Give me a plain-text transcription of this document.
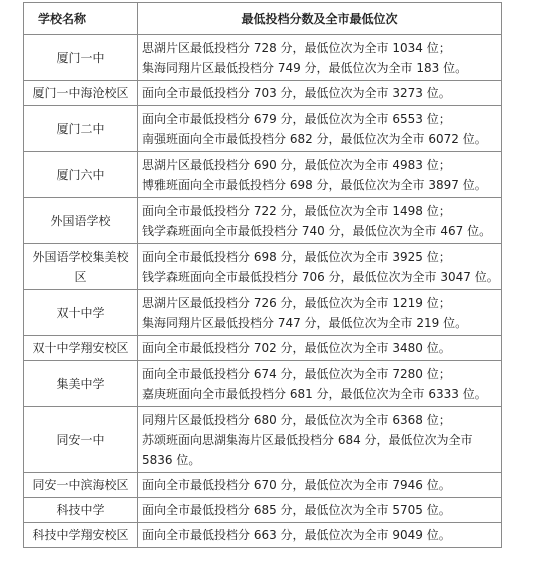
学校名称	最低投档分数及全市最低位次
厦门一中	思湖片区最低投档分 728 分，最低位次为全市 1034 位；
集海同翔片区最低投档分 749 分，最低位次为全市 183 位。

厦门一中海沧校区	面向全市最低投档分 703 分，最低位次为全市 3273 位。

厦门二中	面向全市最低投档分 679 分，最低位次为全市 6553 位；
南强班面向全市最低投档分 682 分，最低位次为全市 6072 位。

厦门六中	思湖片区最低投档分 690 分，最低位次为全市 4983 位；
博雅班面向全市最低投档分 698 分，最低位次为全市 3897 位。

外国语学校	面向全市最低投档分 722 分，最低位次为全市 1498 位；
钱学森班面向全市最低投档分 740 分，最低位次为全市 467 位。

外国语学校集美校区	面向全市最低投档分 698 分，最低位次为全市 3925 位；
钱学森班面向全市最低投档分 706 分，最低位次为全市 3047 位。

双十中学	思湖片区最低投档分 726 分，最低位次为全市 1219 位；
集海同翔片区最低投档分 747 分，最低位次为全市 219 位。

双十中学翔安校区	面向全市最低投档分 702 分，最低位次为全市 3480 位。

集美中学	面向全市最低投档分 674 分，最低位次为全市 7280 位；
嘉庚班面向全市最低投档分 681 分，最低位次为全市 6333 位。

同安一中	同翔片区最低投档分 680 分，最低位次为全市 6368 位；
苏颂班面向思湖集海片区最低投档分 684 分，最低位次为全市
5836 位。

同安一中滨海校区	面向全市最低投档分 670 分，最低位次为全市 7946 位。

科技中学	面向全市最低投档分 685 分，最低位次为全市 5705 位。

科技中学翔安校区	面向全市最低投档分 663 分，最低位次为全市 9049 位。
